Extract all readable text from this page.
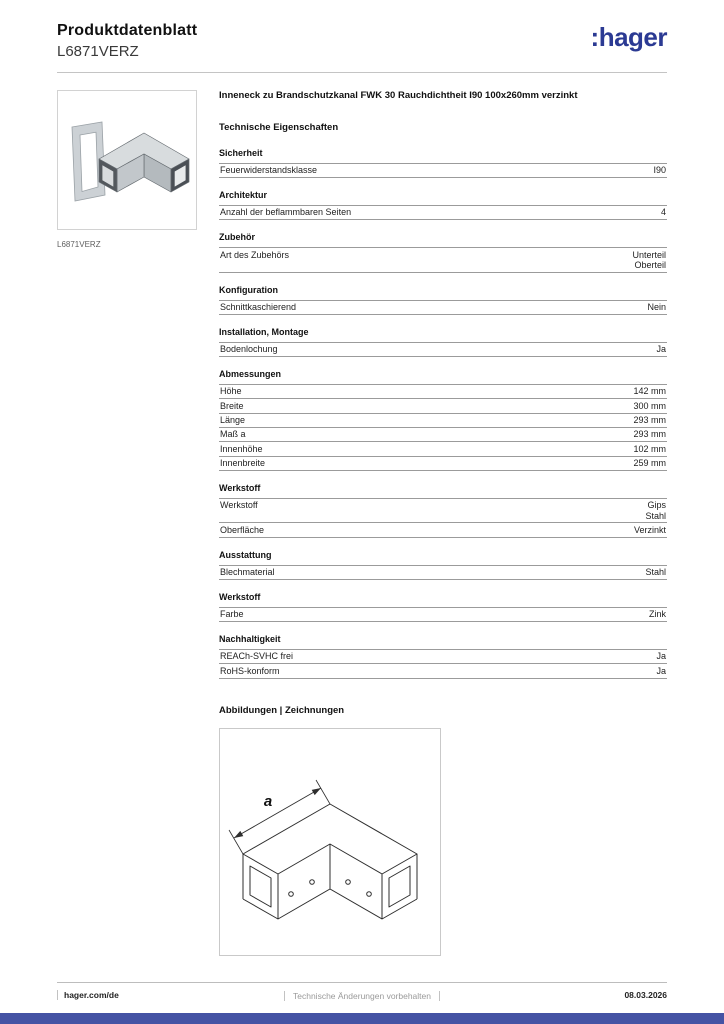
Produktdatenblatt
L6871VERZ	:hager
L6871VERZ
Inneneck zu Brandschutzkanal FWK 30 Rauchdichtheit I90 100x260mm verzinkt
Technische Eigenschaften
Sicherheit
Feuerwiderstandsklasse	I90
Architektur
Anzahl der beflammbaren Seiten	4
Zubehör
Art des Zubehörs	Unterteil
Oberteil
Konfiguration
Schnittkaschierend	Nein
Installation, Montage
Bodenlochung	Ja
Abmessungen
Höhe	142 mm
Breite	300 mm
Länge	293 mm
Maß a	293 mm
Innenhöhe	102 mm
Innenbreite	259 mm
Werkstoff
Werkstoff	Gips
Stahl
Oberfläche	Verzinkt
Ausstattung
Blechmaterial	Stahl
Werkstoff
Farbe	Zink
Nachhaltigkeit
REACh-SVHC frei	Ja
RoHS-konform	Ja
Abbildungen | Zeichnungen
a
hager.com/de	Technische Änderungen vorbehalten	08.03.2026
